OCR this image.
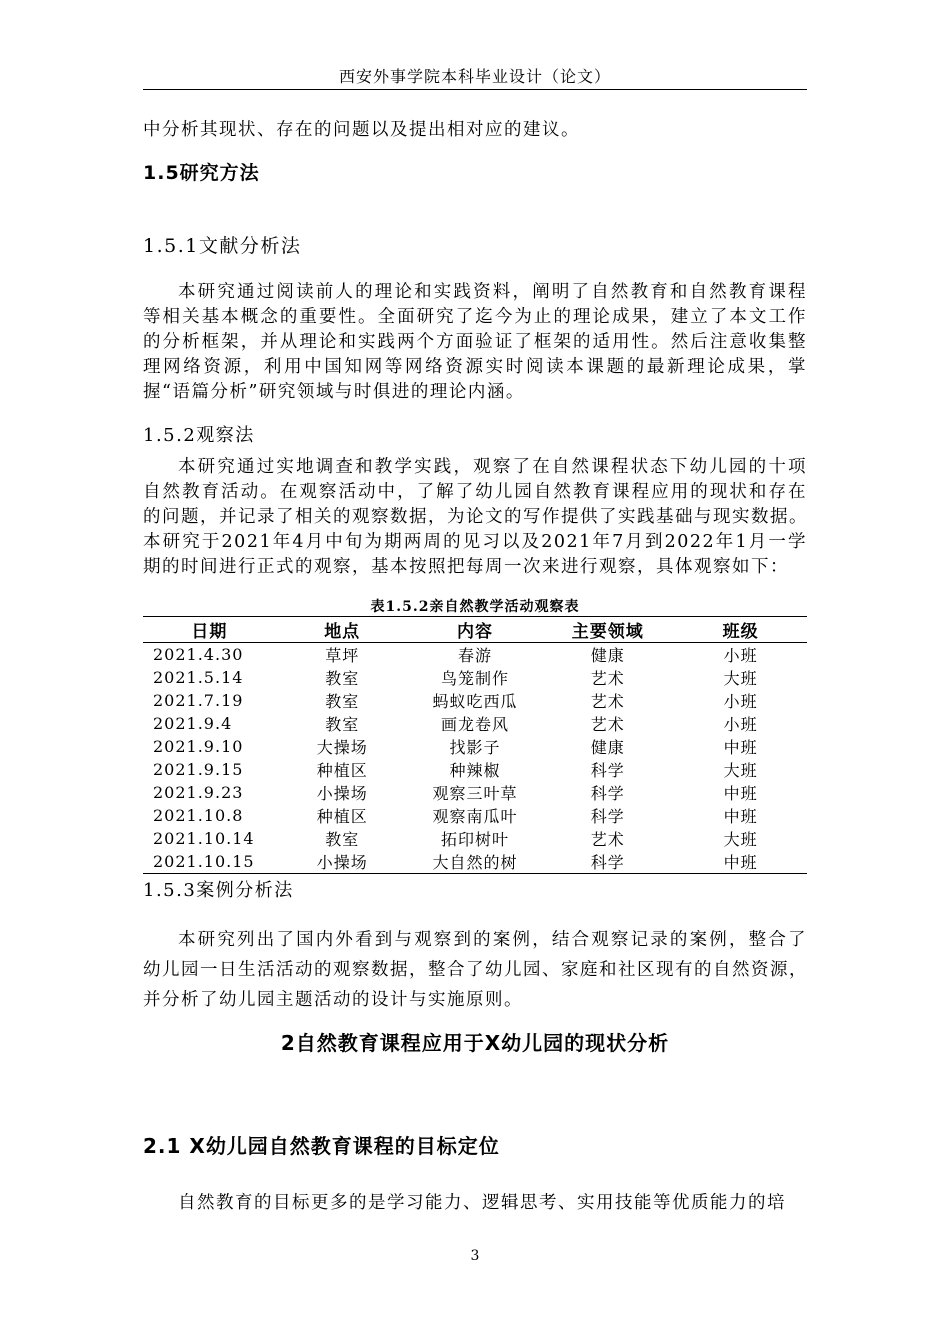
西安外事学院本科毕业设计（论文）
中分析其现状、存在的问题以及提出相对应的建议。
1.5研究方法
1.5.1文献分析法
本研究通过阅读前人的理论和实践资料，阐明了自然教育和自然教育课程
等相关基本概念的重要性。全面研究了迄今为止的理论成果，建立了本文工作
的分析框架，并从理论和实践两个方面验证了框架的适用性。然后注意收集整
理网络资源，利用中国知网等网络资源实时阅读本课题的最新理论成果，掌
握“语篇分析”研究领域与时俱进的理论内涵。
1.5.2观察法
本研究通过实地调查和教学实践，观察了在自然课程状态下幼儿园的十项
自然教育活动。在观察活动中，了解了幼儿园自然教育课程应用的现状和存在
的问题，并记录了相关的观察数据，为论文的写作提供了实践基础与现实数据。
本研究于2021年4月中旬为期两周的见习以及2021年7月到2022年1月一学
期的时间进行正式的观察，基本按照把每周一次来进行观察，具体观察如下：
表1.5.2亲自然教学活动观察表
日期	地点	内容	主要领域	班级
2021.4.30	草坪	春游	健康	小班
2021.5.14	教室	鸟笼制作	艺术	大班
2021.7.19	教室	蚂蚁吃西瓜	艺术	小班
2021.9.4	教室	画龙卷风	艺术	小班
2021.9.10	大操场	找影子	健康	中班
2021.9.15	种植区	种辣椒	科学	大班
2021.9.23	小操场	观察三叶草	科学	中班
2021.10.8	种植区	观察南瓜叶	科学	中班
2021.10.14	教室	拓印树叶	艺术	大班
2021.10.15	小操场	大自然的树	科学	中班
1.5.3案例分析法
本研究列出了国内外看到与观察到的案例，结合观察记录的案例，整合了
幼儿园一日生活活动的观察数据，整合了幼儿园、家庭和社区现有的自然资源，
并分析了幼儿园主题活动的设计与实施原则。
2自然教育课程应用于X幼儿园的现状分析
2.1 X幼儿园自然教育课程的目标定位
自然教育的目标更多的是学习能力、逻辑思考、实用技能等优质能力的培
3
